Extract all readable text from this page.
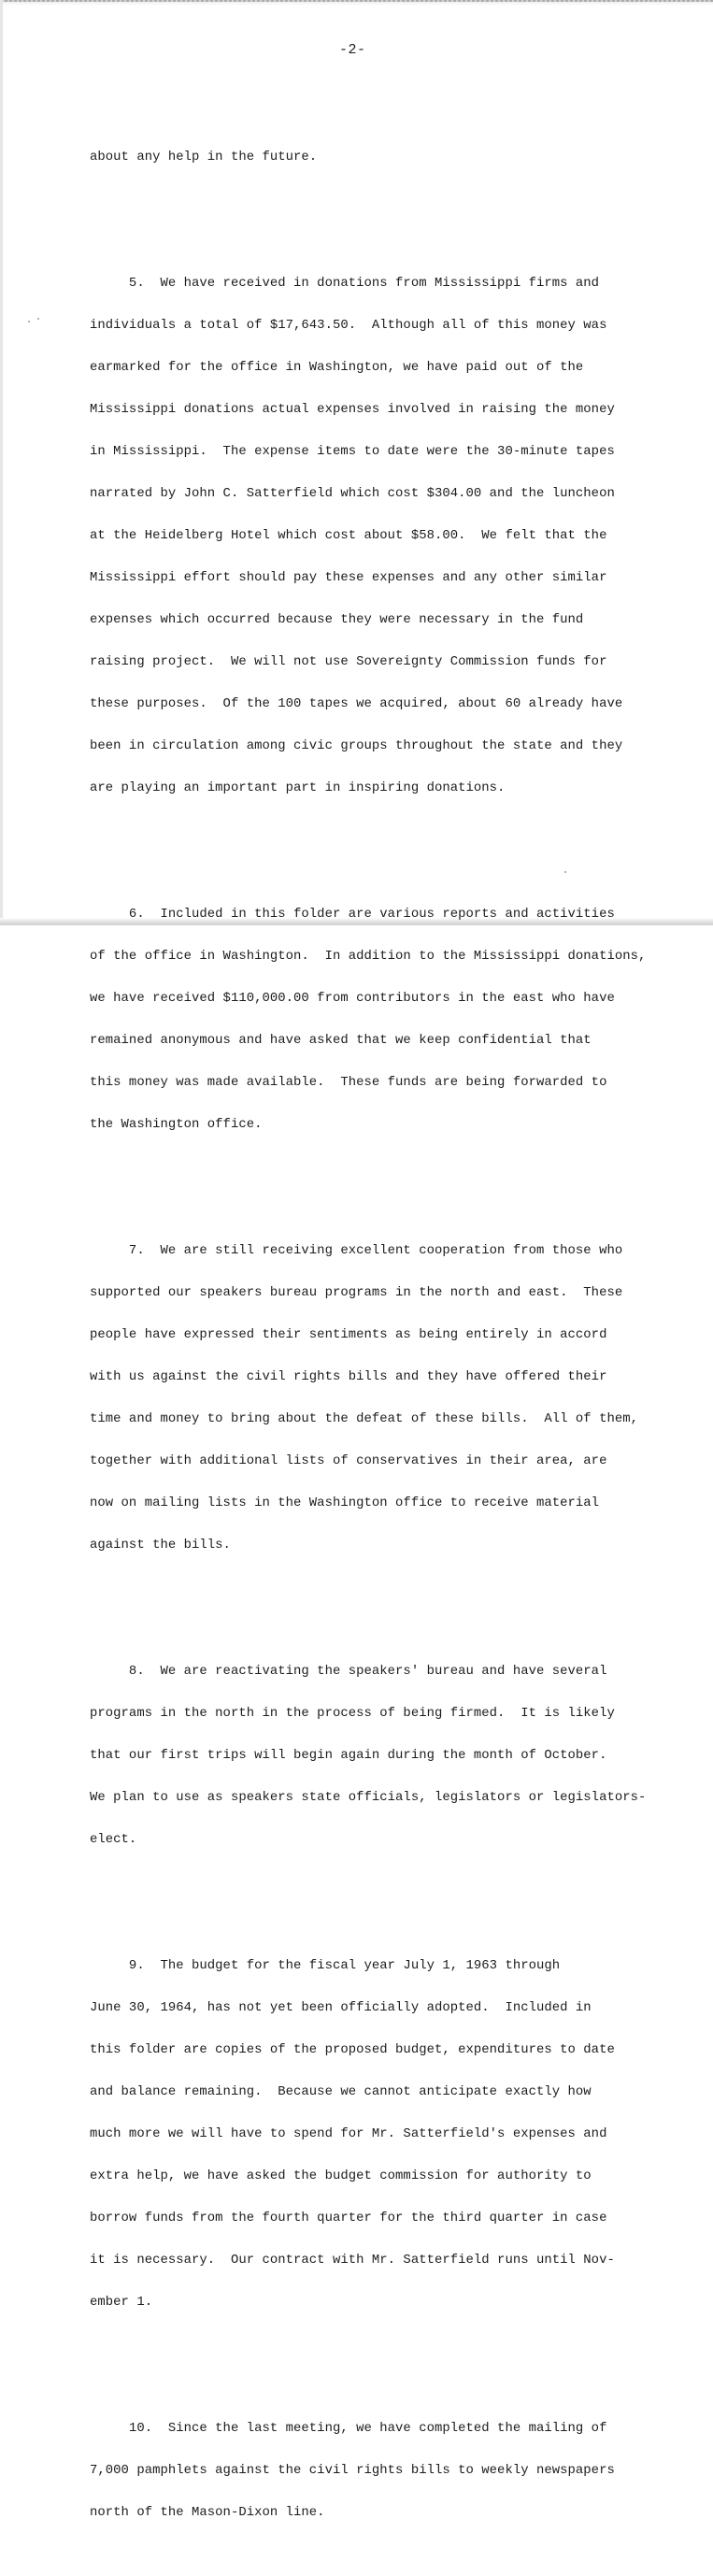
-2-

about any help in the future.

5.  We have received in donations from Mississippi firms and

individuals a total of $17,643.50.  Although all of this money was

earmarked for the office in Washington, we have paid out of the

Mississippi donations actual expenses involved in raising the money

in Mississippi.  The expense items to date were the 30-minute tapes

narrated by John C. Satterfield which cost $304.00 and the luncheon

at the Heidelberg Hotel which cost about $58.00.  We felt that the

Mississippi effort should pay these expenses and any other similar

expenses which occurred because they were necessary in the fund

raising project.  We will not use Sovereignty Commission funds for

these purposes.  Of the 100 tapes we acquired, about 60 already have

been in circulation among civic groups throughout the state and they

are playing an important part in inspiring donations.

6.  Included in this folder are various reports and activities

of the office in Washington.  In addition to the Mississippi donations,

we have received $110,000.00 from contributors in the east who have

remained anonymous and have asked that we keep confidential that

this money was made available.  These funds are being forwarded to

the Washington office.

7.  We are still receiving excellent cooperation from those who

supported our speakers bureau programs in the north and east.  These

people have expressed their sentiments as being entirely in accord

with us against the civil rights bills and they have offered their

time and money to bring about the defeat of these bills.  All of them,

together with additional lists of conservatives in their area, are

now on mailing lists in the Washington office to receive material

against the bills.

8.  We are reactivating the speakers' bureau and have several

programs in the north in the process of being firmed.  It is likely

that our first trips will begin again during the month of October.

We plan to use as speakers state officials, legislators or legislators-

elect.

9.  The budget for the fiscal year July 1, 1963 through

June 30, 1964, has not yet been officially adopted.  Included in

this folder are copies of the proposed budget, expenditures to date

and balance remaining.  Because we cannot anticipate exactly how

much more we will have to spend for Mr. Satterfield's expenses and

extra help, we have asked the budget commission for authority to

borrow funds from the fourth quarter for the third quarter in case

it is necessary.  Our contract with Mr. Satterfield runs until Nov-

ember 1.

10.  Since the last meeting, we have completed the mailing of

7,000 pamphlets against the civil rights bills to weekly newspapers

north of the Mason-Dixon line.
